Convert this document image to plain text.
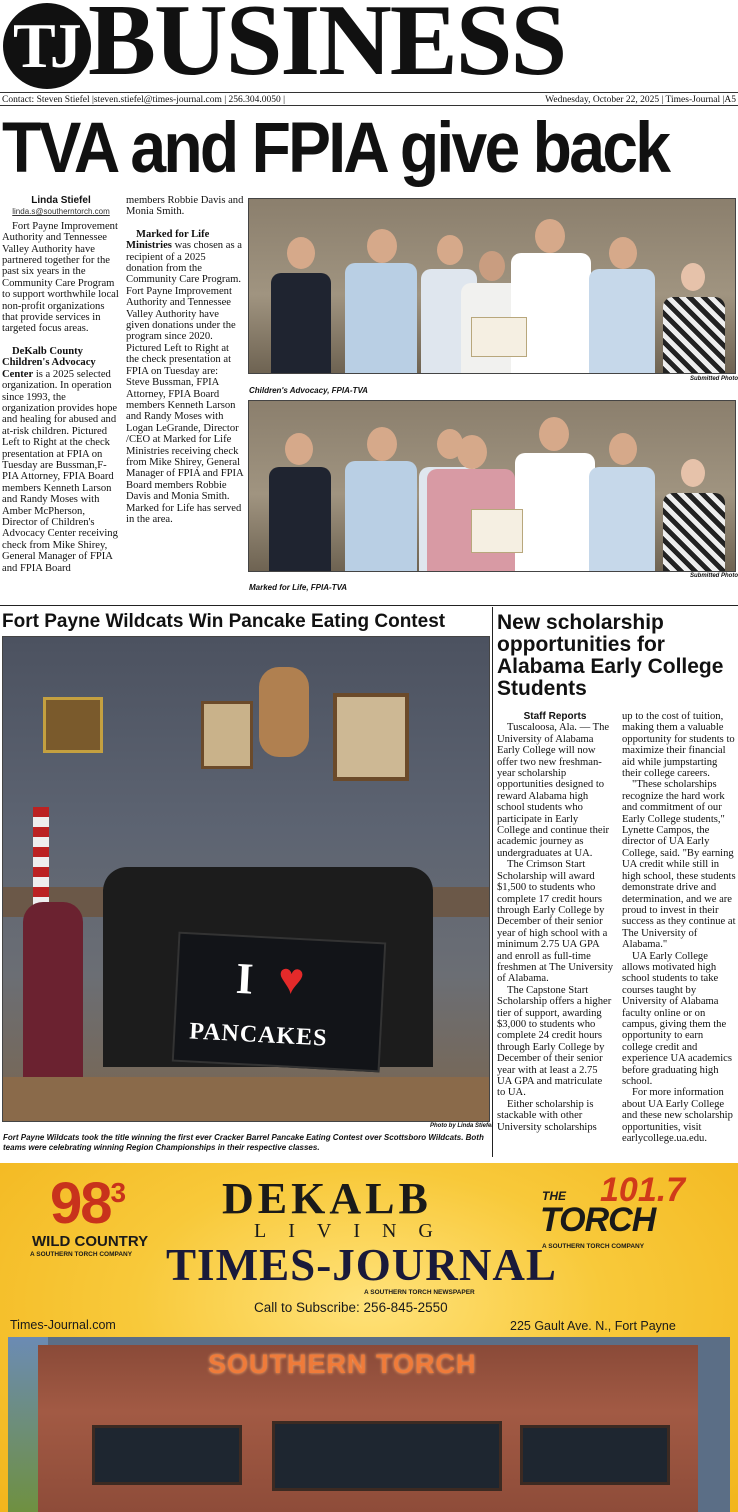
TJ BUSINESS
Contact: Steven Stiefel |steven.stiefel@times-journal.com | 256.304.0050 |	Wednesday, October 22, 2025 | Times-Journal |A5
TVA and FPIA give back
Linda Stiefel
linda.s@southerntorch.com

Fort Payne Improvement Authority and Tennessee Valley Authority have partnered together for the past six years in the Community Care Program to support worthwhile local non-profit organizations that provide services in targeted focus areas.

DeKalb County Children's Advocacy Center is a 2025 selected organization. In operation since 1993, the organization provides hope and healing for abused and at-risk children. Pictured Left to Right at the check presentation at FPIA on Tuesday are Bussman,F-PIA Attorney, FPIA Board members Kenneth Larson and Randy Moses with Amber McPherson, Director of Children's Advocacy Center receiving check from Mike Shirey, General Manager of FPIA and FPIA Board

members Robbie Davis and Monia Smith.

Marked for Life Ministries was chosen as a recipient of a 2025 donation from the Community Care Program. Fort Payne Improvement Authority and Tennessee Valley Authority have given donations under the program since 2020. Pictured Left to Right at the check presentation at FPIA on Tuesday are: Steve Bussman, FPIA Attorney, FPIA Board members Kenneth Larson and Randy Moses with Logan LeGrande, Director /CEO at Marked for Life Ministries receiving check from Mike Shirey, General Manager of FPIA and FPIA Board members Robbie Davis and Monia Smith. Marked for Life has served in the area.

Children's Advocacy, FPIA-TVA
Submitted Photo
Marked for Life, FPIA-TVA
Submitted Photo
Fort Payne Wildcats Win Pancake Eating Contest
I ♥
PANCAKES
Photo by Linda Stiefel
Fort Payne Wildcats took the title winning the first ever Cracker Barrel Pancake Eating Contest over Scottsboro Wildcats. Both teams were celebrating winning Region Championships in their respective classes.
New scholarship opportunities for Alabama Early College Students
Staff Reports

Tuscaloosa, Ala. — The University of Alabama Early College will now offer two new freshman-year scholarship opportunities designed to reward Alabama high school students who participate in Early College and continue their academic journey as undergraduates at UA.

The Crimson Start Scholarship will award $1,500 to students who complete 17 credit hours through Early College by December of their senior year of high school with a minimum 2.75 UA GPA and enroll as full-time freshmen at The University of Alabama.

The Capstone Start Scholarship offers a higher tier of support, awarding $3,000 to students who complete 24 credit hours through Early College by December of their senior year with at least a 2.75 UA GPA and matriculate to UA.

Either scholarship is stackable with other University scholarships

up to the cost of tuition, making them a valuable opportunity for students to maximize their financial aid while jumpstarting their college careers.

"These scholarships recognize the hard work and commitment of our Early College students," Lynette Campos, the director of UA Early College, said. "By earning UA credit while still in high school, these students demonstrate drive and determination, and we are proud to invest in their success as they continue at The University of Alabama."

UA Early College allows motivated high school students to take courses taught by University of Alabama faculty online or on campus, giving them the opportunity to earn college credit and experience UA academics before graduating high school.

For more information about UA Early College and these new scholarship opportunities, visit earlycollege.ua.edu.

$98^3$
WILD COUNTRY
A SOUTHERN TORCH COMPANY
DEKALB
LIVING
TIMES-JOURNAL
A SOUTHERN TORCH NEWSPAPER
THE 101.7
TORCH
A SOUTHERN TORCH COMPANY
Call to Subscribe: 256-845-2550
Times-Journal.com	225 Gault Ave. N., Fort Payne
SOUTHERN TORCH
